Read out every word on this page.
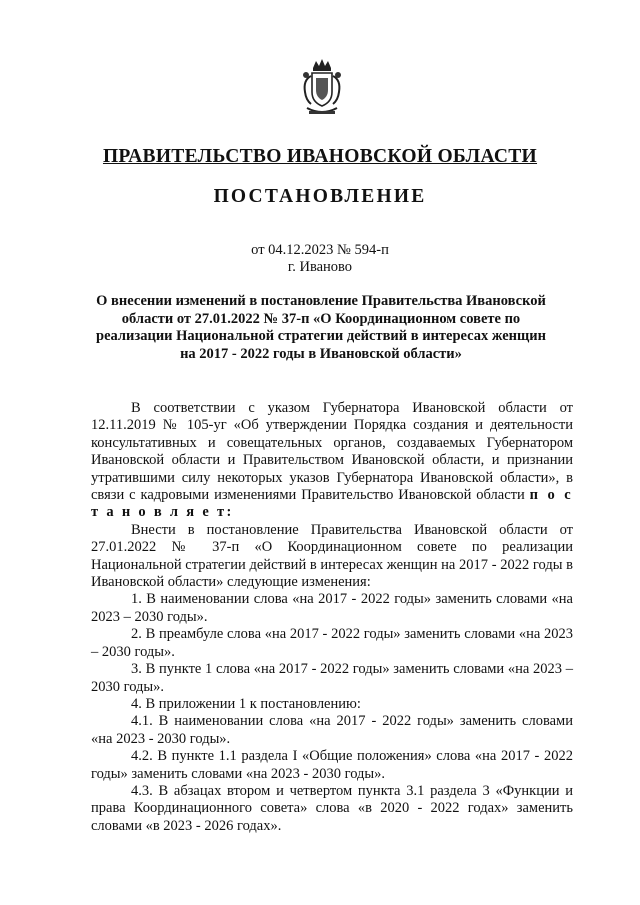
ПРАВИТЕЛЬСТВО ИВАНОВСКОЙ ОБЛАСТИ
ПОСТАНОВЛЕНИЕ
от 04.12.2023 № 594-п
г. Иваново
О внесении изменений в постановление Правительства Ивановской области от 27.01.2022 № 37-п «О Координационном совете по реализации Национальной стратегии действий в интересах женщин на 2017 - 2022 годы в Ивановской области»

В соответствии с указом Губернатора Ивановской области от 12.11.2019 № 105-уг «Об утверждении Порядка создания и деятельности консультативных и совещательных органов, создаваемых Губернатором Ивановской области и Правительством Ивановской области, и признании утратившими силу некоторых указов Губернатора Ивановской области», в связи с кадровыми изменениями Правительство Ивановской области п о с т а н о в л я е т:

Внести в постановление Правительства Ивановской области от 27.01.2022 № 37-п «О Координационном совете по реализации Национальной стратегии действий в интересах женщин на 2017 - 2022 годы в Ивановской области» следующие изменения:

1. В наименовании слова «на 2017 - 2022 годы» заменить словами «на 2023 – 2030 годы».

2. В преамбуле слова «на 2017 - 2022 годы» заменить словами «на 2023 – 2030 годы».

3. В пункте 1 слова «на 2017 - 2022 годы» заменить словами «на 2023 – 2030 годы».

4. В приложении 1 к постановлению:

4.1. В наименовании слова «на 2017 - 2022 годы» заменить словами «на 2023 - 2030 годы».

4.2. В пункте 1.1 раздела I «Общие положения» слова «на 2017 - 2022 годы» заменить словами «на 2023 - 2030 годы».

4.3. В абзацах втором и четвертом пункта 3.1 раздела 3 «Функции и права Координационного совета» слова «в 2020 - 2022 годах» заменить словами «в 2023 - 2026 годах».
